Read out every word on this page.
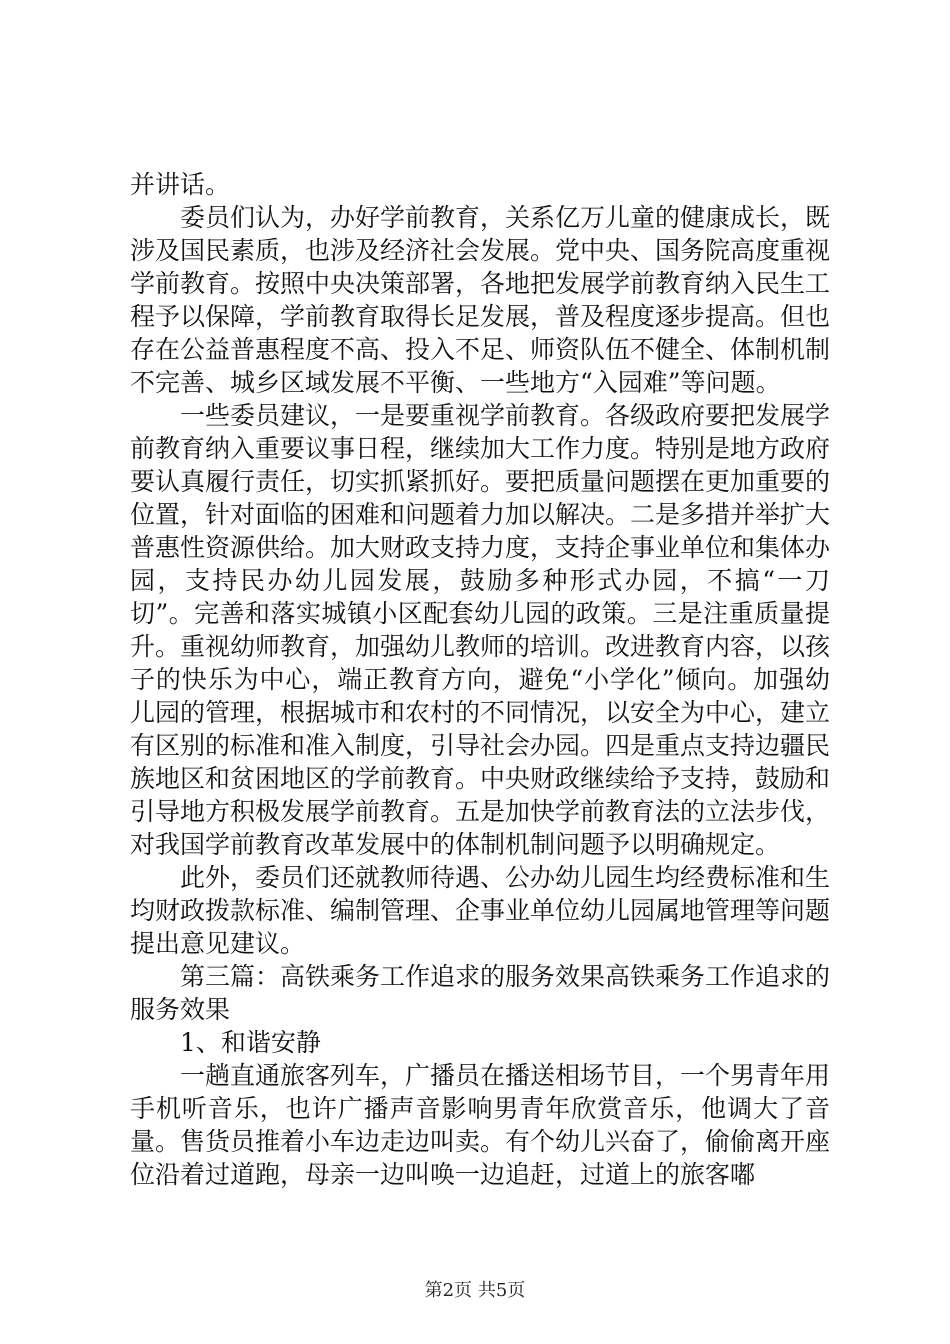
并讲话。

委员们认为，办好学前教育，关系亿万儿童的健康成长，既涉及国民素质，也涉及经济社会发展。党中央、国务院高度重视学前教育。按照中央决策部署，各地把发展学前教育纳入民生工程予以保障，学前教育取得长足发展，普及程度逐步提高。但也存在公益普惠程度不高、投入不足、师资队伍不健全、体制机制不完善、城乡区域发展不平衡、一些地方“入园难”等问题。

一些委员建议，一是要重视学前教育。各级政府要把发展学前教育纳入重要议事日程，继续加大工作力度。特别是地方政府要认真履行责任，切实抓紧抓好。要把质量问题摆在更加重要的位置，针对面临的困难和问题着力加以解决。二是多措并举扩大普惠性资源供给。加大财政支持力度，支持企事业单位和集体办园，支持民办幼儿园发展，鼓励多种形式办园，不搞“一刀切”。完善和落实城镇小区配套幼儿园的政策。三是注重质量提升。重视幼师教育，加强幼儿教师的培训。改进教育内容，以孩子的快乐为中心，端正教育方向，避免“小学化”倾向。加强幼儿园的管理，根据城市和农村的不同情况，以安全为中心，建立有区别的标准和准入制度，引导社会办园。四是重点支持边疆民族地区和贫困地区的学前教育。中央财政继续给予支持，鼓励和引导地方积极发展学前教育。五是加快学前教育法的立法步伐，对我国学前教育改革发展中的体制机制问题予以明确规定。

此外，委员们还就教师待遇、公办幼儿园生均经费标准和生均财政拨款标准、编制管理、企事业单位幼儿园属地管理等问题提出意见建议。

第三篇：高铁乘务工作追求的服务效果高铁乘务工作追求的服务效果

1、和谐安静

一趟直通旅客列车，广播员在播送相场节目，一个男青年用手机听音乐，也许广播声音影响男青年欣赏音乐，他调大了音量。售货员推着小车边走边叫卖。有个幼儿兴奋了，偷偷离开座位沿着过道跑，母亲一边叫唤一边追赶，过道上的旅客嘟

第2页 共5页
